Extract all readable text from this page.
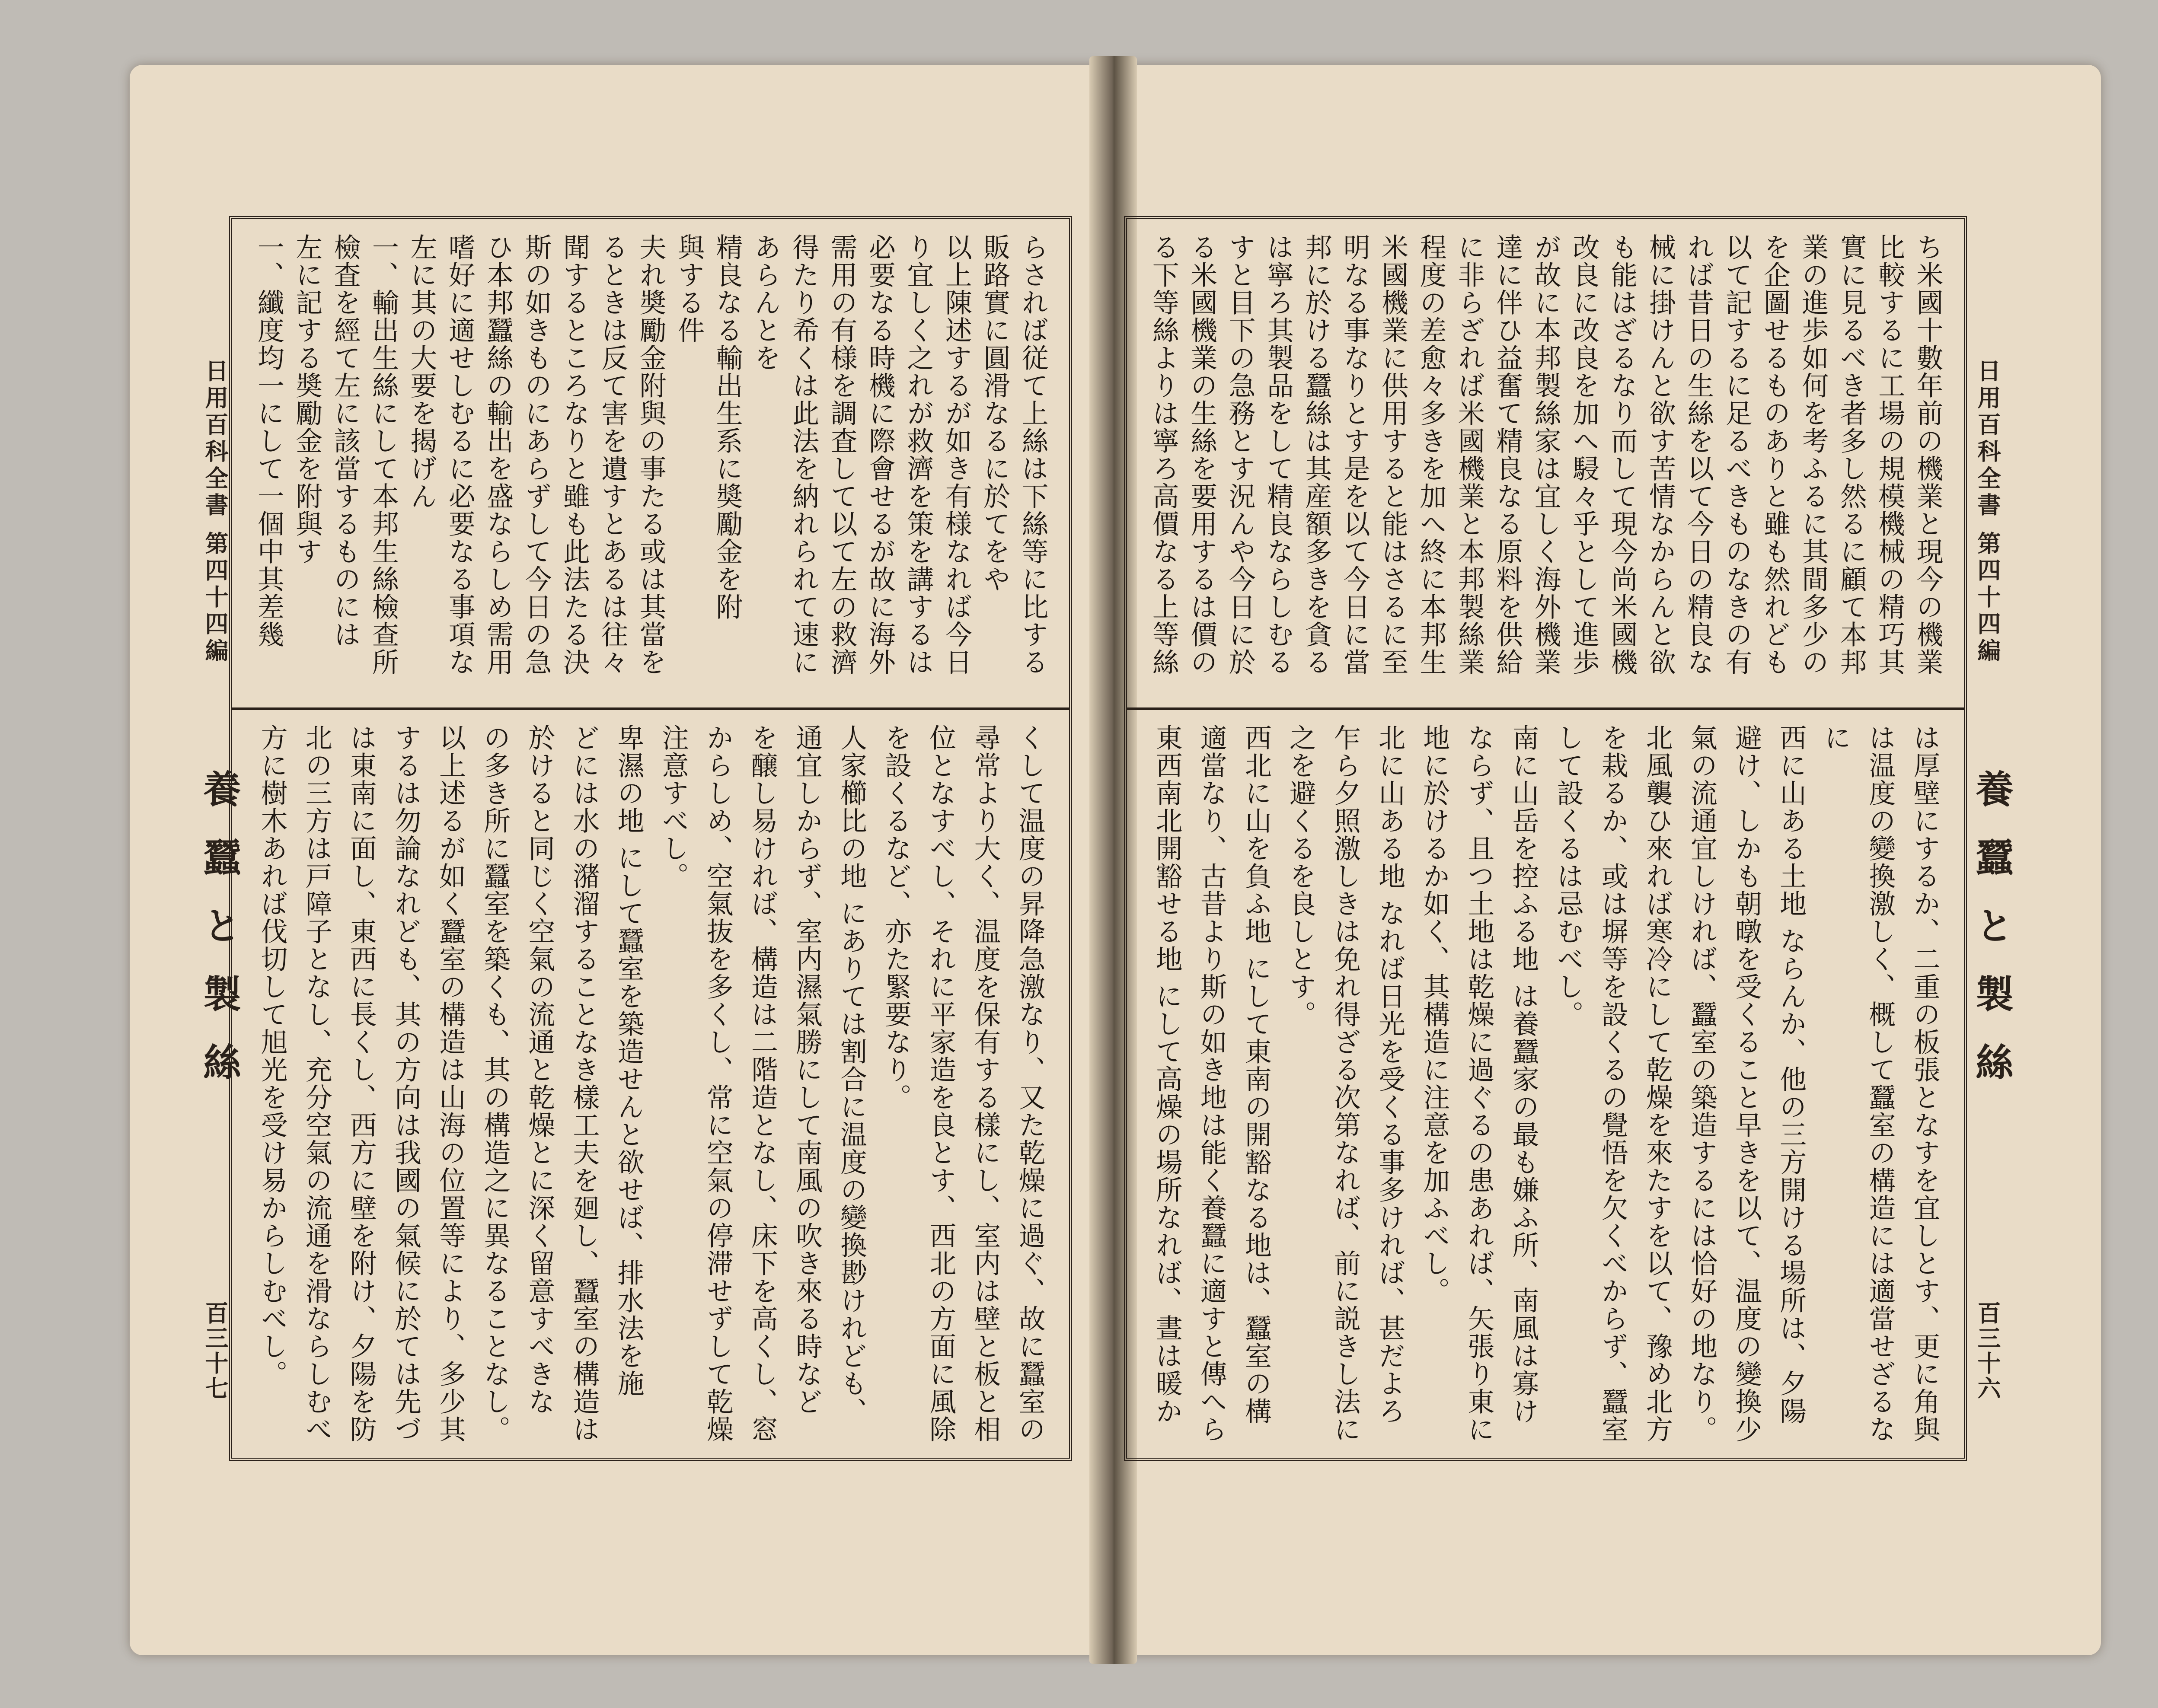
日用百科全書 第四十四編
養蠶と製絲
百三十六
日用百科全書 第四十四編
養蠶と製絲
百三十七
ち米國十數年前の機業と現今の機業
比較するに工場の規模機械の精巧其
實に見るべき者多し然るに顧て本邦
業の進歩如何を考ふるに其間多少の
を企圖せるものありと雖も然れども
以て記するに足るべきものなきの有
れば昔日の生絲を以て今日の精良な
械に掛けんと欲す苦情なからんと欲
も能はざるなり而して現今尚米國機
改良に改良を加へ駸々乎として進歩
が故に本邦製絲家は宜しく海外機業
達に伴ひ益奮て精良なる原料を供給
に非らざれば米國機業と本邦製絲業
程度の差愈々多きを加へ終に本邦生
米國機業に供用すると能はさるに至
明なる事なりとす是を以て今日に當
邦に於ける蠶絲は其産額多きを貪る
は寧ろ其製品をして精良ならしむる
すと目下の急務とす況んや今日に於
る米國機業の生絲を要用するは價の
る下等絲よりは寧ろ高價なる上等絲
は厚壁にするか、二重の板張となすを宜しとす、更に角與
は温度の變換激しく、概して蠶室の構造には適當せざるな
に
西に山ある土地 ならんか、他の三方開ける場所は、夕陽
避け、しかも朝暾を受くること早きを以て、温度の變換少
氣の流通宜しければ、蠶室の築造するには恰好の地なり。
北風襲ひ來れば寒冷にして乾燥を來たすを以て、豫め北方
を栽るか、或は塀等を設くるの覺悟を欠くべからず、蠶室
して設くるは忌むべし。
南に山岳を控ふる地 は養蠶家の最も嫌ふ所、南風は寡け
ならず、且つ土地は乾燥に過ぐるの患あれば、矢張り東に
地に於けるか如く、其構造に注意を加ふべし。
北に山ある地 なれば日光を受くる事多ければ、甚だよろ
乍ら夕照激しきは免れ得ざる次第なれば、前に説きし法に
之を避くるを良しとす。
西北に山を負ふ地 にして東南の開豁なる地は、蠶室の構
適當なり、古昔より斯の如き地は能く養蠶に適すと傳へら
東西南北開豁せる地 にして高燥の場所なれば、晝は暖か
らされば従て上絲は下絲等に比する
販路實に圓滑なるに於てをや
以上陳述するが如き有様なれば今日
り宜しく之れが救濟を策を講するは
必要なる時機に際會せるが故に海外
需用の有様を調査して以て左の救濟
得たり希くは此法を納れられて速に
あらんとを
精良なる輸出生系に奬勵金を附
與する件
夫れ奬勵金附與の事たる或は其當を
るときは反て害を遺すとあるは往々
聞するところなりと雖も此法たる決
斯の如きものにあらずして今日の急
ひ本邦蠶絲の輸出を盛ならしめ需用
嗜好に適せしむるに必要なる事項な
左に其の大要を揭げん
一、輸出生絲にして本邦生絲檢查所
檢査を經て左に該當するものには
左に記する奬勵金を附與す
一、纖度均一にして一個中其差幾
くして温度の昇降急激なり、又た乾燥に過ぐ、故に蠶室の
尋常より大く、温度を保有する樣にし、室内は壁と板と相
位となすべし、それに平家造を良とす、西北の方面に風除
を設くるなど、亦た緊要なり。
人家櫛比の地 にありては割合に温度の變換尠けれども、
通宜しからず、室内濕氣勝にして南風の吹き來る時など
を醸し易ければ、構造は二階造となし、床下を高くし、窓
からしめ、空氣抜を多くし、常に空氣の停滞せずして乾燥
注意すべし。
卑濕の地 にして蠶室を築造せんと欲せば、排水法を施
どには水の潴溜することなき樣工夫を廻し、蠶室の構造は
於けると同じく空氣の流通と乾燥とに深く留意すべきな
の多き所に蠶室を築くも、其の構造之に異なることなし。
以上述るが如く蠶室の構造は山海の位置等により、多少其
するは勿論なれども、其の方向は我國の氣候に於ては先づ
は東南に面し、東西に長くし、西方に壁を附け、夕陽を防
北の三方は戸障子となし、充分空氣の流通を滑ならしむべ
方に樹木あれば伐切して旭光を受け易からしむべし。
